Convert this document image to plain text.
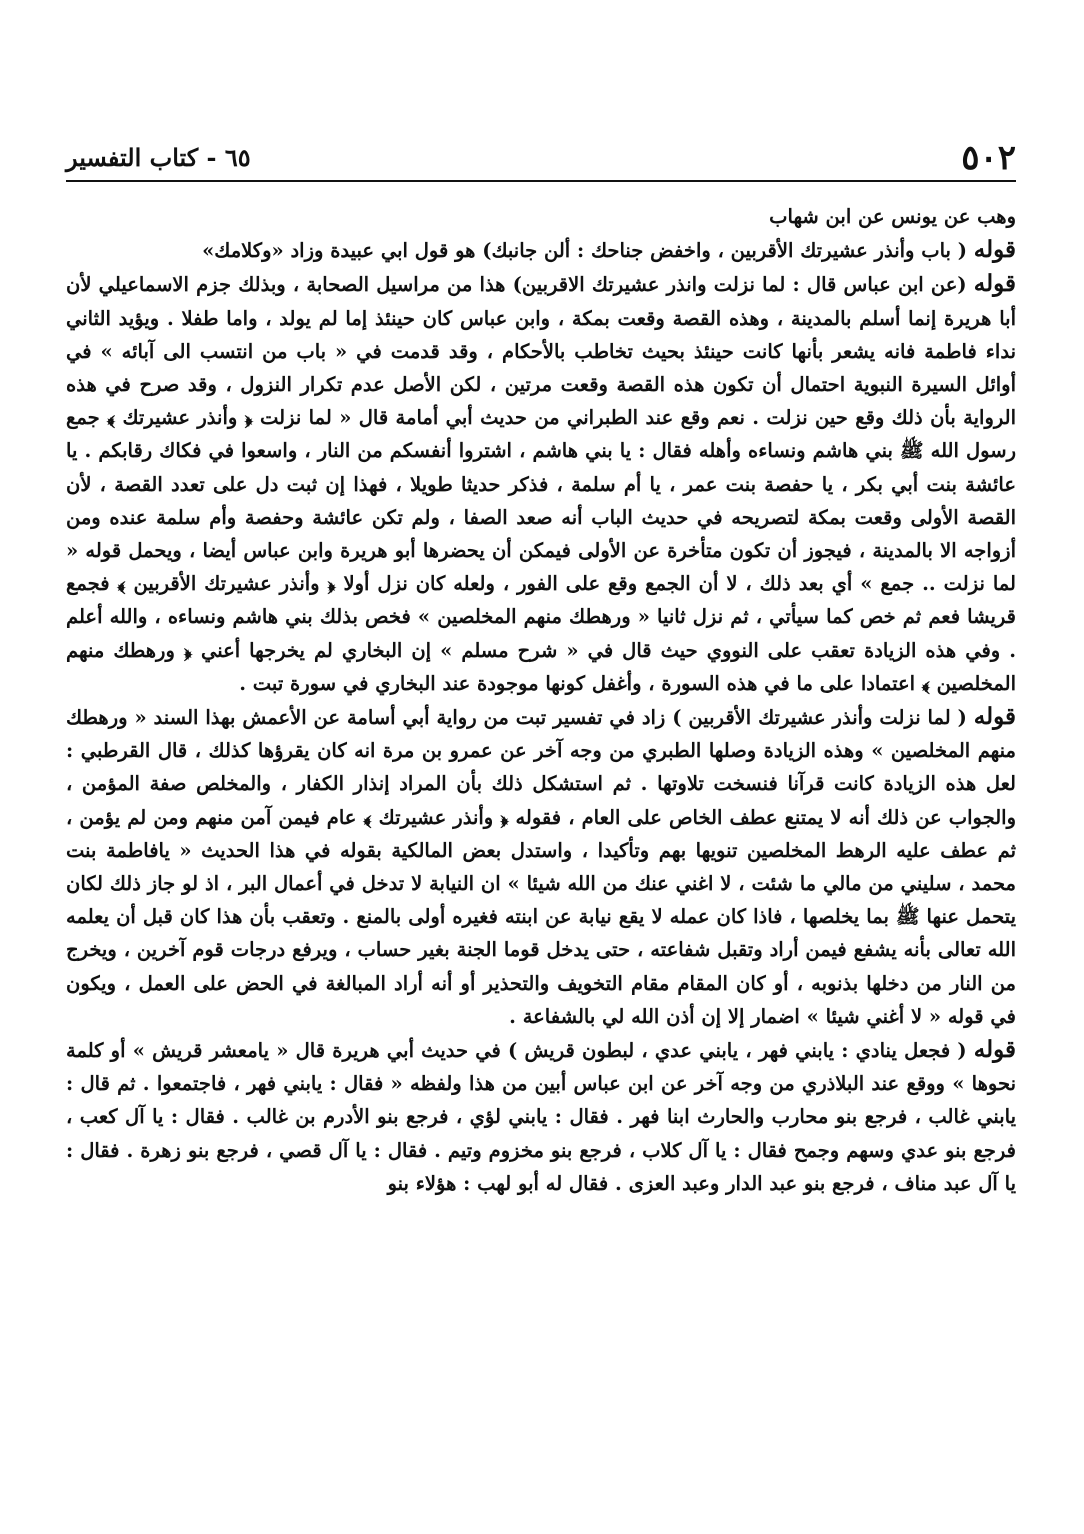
٥٠٢
٦٥ - كتاب التفسير

وهب عن يونس عن ابن شهاب

قوله ( باب وأنذر عشيرتك الأقربين ، واخفض جناحك : ألن جانبك) هو قول ابي عبيدة وزاد «وكلامك»

قوله (عن ابن عباس قال : لما نزلت وانذر عشيرتك الاقربين) هذا من مراسيل الصحابة ، وبذلك جزم الاسماعيلي لأن أبا هريرة إنما أسلم بالمدينة ، وهذه القصة وقعت بمكة ، وابن عباس كان حينئذ إما لم يولد ، واما طفلا . ويؤيد الثاني نداء فاطمة فانه يشعر بأنها كانت حينئذ بحيث تخاطب بالأحكام ، وقد قدمت في « باب من انتسب الى آبائه » في أوائل السيرة النبوية احتمال أن تكون هذه القصة وقعت مرتين ، لكن الأصل عدم تكرار النزول ، وقد صرح في هذه الرواية بأن ذلك وقع حين نزلت . نعم وقع عند الطبراني من حديث أبي أمامة قال « لما نزلت ﴿ وأنذر عشيرتك ﴾ جمع رسول الله ﷺ بني هاشم ونساءه وأهله فقال : يا بني هاشم ، اشتروا أنفسكم من النار ، واسعوا في فكاك رقابكم . يا عائشة بنت أبي بكر ، يا حفصة بنت عمر ، يا أم سلمة ، فذكر حديثا طويلا ، فهذا إن ثبت دل على تعدد القصة ، لأن القصة الأولى وقعت بمكة لتصريحه في حديث الباب أنه صعد الصفا ، ولم تكن عائشة وحفصة وأم سلمة عنده ومن أزواجه الا بالمدينة ، فيجوز أن تكون متأخرة عن الأولى فيمكن أن يحضرها أبو هريرة وابن عباس أيضا ، ويحمل قوله « لما نزلت .. جمع » أي بعد ذلك ، لا أن الجمع وقع على الفور ، ولعله كان نزل أولا ﴿ وأنذر عشيرتك الأقربين ﴾ فجمع قريشا فعم ثم خص كما سيأتي ، ثم نزل ثانيا « ورهطك منهم المخلصين » فخص بذلك بني هاشم ونساءه ، والله أعلم . وفي هذه الزيادة تعقب على النووي حيث قال في « شرح مسلم » إن البخاري لم يخرجها أعني ﴿ ورهطك منهم المخلصين ﴾ اعتمادا على ما في هذه السورة ، وأغفل كونها موجودة عند البخاري في سورة تبت .

قوله ( لما نزلت وأنذر عشيرتك الأقربين ) زاد في تفسير تبت من رواية أبي أسامة عن الأعمش بهذا السند « ورهطك منهم المخلصين » وهذه الزيادة وصلها الطبري من وجه آخر عن عمرو بن مرة انه كان يقرؤها كذلك ، قال القرطبي : لعل هذه الزيادة كانت قرآنا فنسخت تلاوتها . ثم استشكل ذلك بأن المراد إنذار الكفار ، والمخلص صفة المؤمن ، والجواب عن ذلك أنه لا يمتنع عطف الخاص على العام ، فقوله ﴿ وأنذر عشيرتك ﴾ عام فيمن آمن منهم ومن لم يؤمن ، ثم عطف عليه الرهط المخلصين تنويها بهم وتأكيدا ، واستدل بعض المالكية بقوله في هذا الحديث « يافاطمة بنت محمد ، سليني من مالي ما شئت ، لا اغني عنك من الله شيئا » ان النيابة لا تدخل في أعمال البر ، اذ لو جاز ذلك لكان يتحمل عنها ﷺ بما يخلصها ، فاذا كان عمله لا يقع نيابة عن ابنته فغيره أولى بالمنع . وتعقب بأن هذا كان قبل أن يعلمه الله تعالى بأنه يشفع فيمن أراد وتقبل شفاعته ، حتى يدخل قوما الجنة بغير حساب ، ويرفع درجات قوم آخرين ، ويخرج من النار من دخلها بذنوبه ، أو كان المقام مقام التخويف والتحذير أو أنه أراد المبالغة في الحض على العمل ، ويكون في قوله « لا أغني شيئا » اضمار إلا إن أذن الله لي بالشفاعة .

قوله ( فجعل ينادي : يابني فهر ، يابني عدي ، لبطون قريش ) في حديث أبي هريرة قال « يامعشر قريش » أو كلمة نحوها » ووقع عند البلاذري من وجه آخر عن ابن عباس أبين من هذا ولفظه « فقال : يابني فهر ، فاجتمعوا . ثم قال : يابني غالب ، فرجع بنو محارب والحارث ابنا فهر . فقال : يابني لؤي ، فرجع بنو الأدرم بن غالب . فقال : يا آل كعب ، فرجع بنو عدي وسهم وجمح فقال : يا آل كلاب ، فرجع بنو مخزوم وتيم . فقال : يا آل قصي ، فرجع بنو زهرة . فقال : يا آل عبد مناف ، فرجع بنو عبد الدار وعبد العزى . فقال له أبو لهب : هؤلاء بنو
